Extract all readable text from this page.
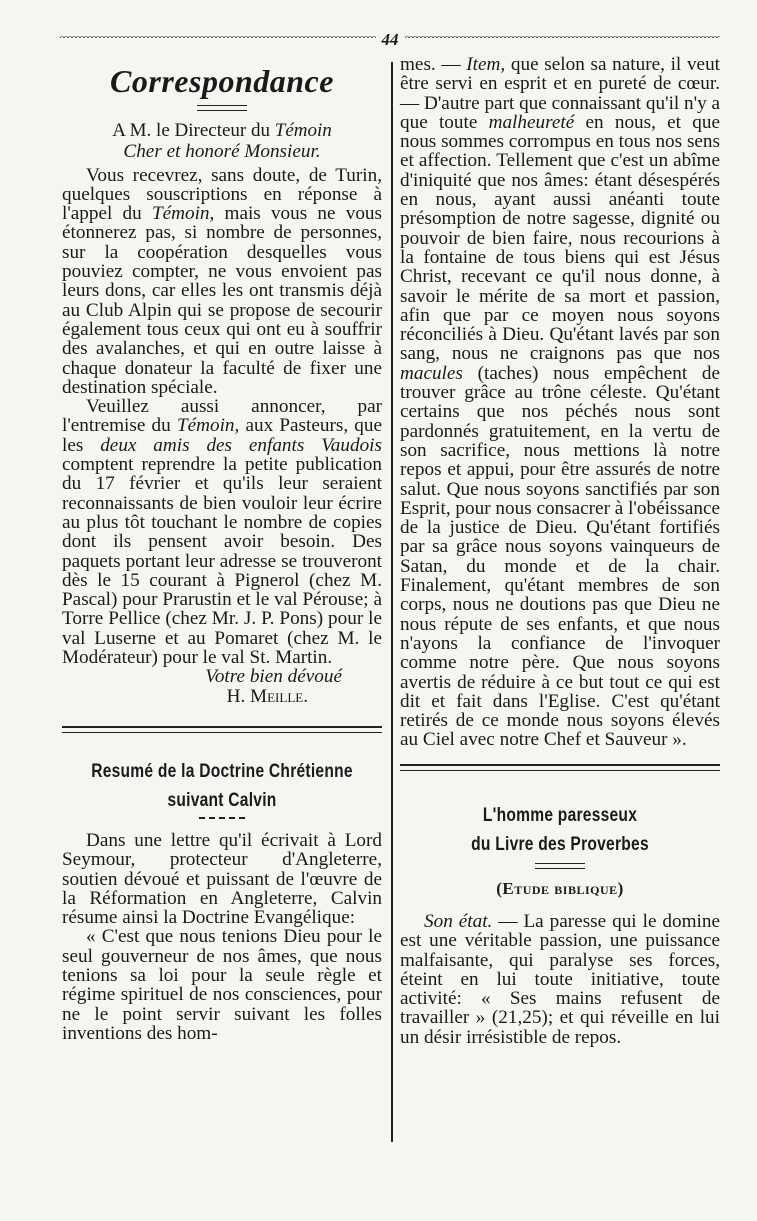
44
Correspondance

A M. le Directeur du Témoin

Cher et honoré Monsieur.

Vous recevrez, sans doute, de Turin, quelques souscriptions en réponse à l'appel du Témoin, mais vous ne vous étonnerez pas, si nombre de personnes, sur la coopération desquelles vous pouviez compter, ne vous envoient pas leurs dons, car elles les ont transmis déjà au Club Alpin qui se propose de secourir également tous ceux qui ont eu à souffrir des avalanches, et qui en outre laisse à chaque donateur la faculté de fixer une destination spéciale.

Veuillez aussi annoncer, par l'entremise du Témoin, aux Pasteurs, que les deux amis des enfants Vaudois comptent reprendre la petite publication du 17 février et qu'ils leur seraient reconnaissants de bien vouloir leur écrire au plus tôt touchant le nombre de copies dont ils pensent avoir besoin. Des paquets portant leur adresse se trouveront dès le 15 courant à Pignerol (chez M. Pascal) pour Prarustin et le val Pérouse; à Torre Pellice (chez Mr. J. P. Pons) pour le val Luserne et au Pomaret (chez M. le Modérateur) pour le val St. Martin.

Votre bien dévoué

H. Meille.

Resumé de la Doctrine Chrétienne
suivant Calvin

Dans une lettre qu'il écrivait à Lord Seymour, protecteur d'Angleterre, soutien dévoué et puissant de l'œuvre de la Réformation en Angleterre, Calvin résume ainsi la Doctrine Evangélique:

« C'est que nous tenions Dieu pour le seul gouverneur de nos âmes, que nous tenions sa loi pour la seule règle et régime spirituel de nos consciences, pour ne le point servir suivant les folles inventions des hom-

mes. — Item, que selon sa nature, il veut être servi en esprit et en pureté de cœur. — D'autre part que connaissant qu'il n'y a que toute malheureté en nous, et que nous sommes corrompus en tous nos sens et affection. Tellement que c'est un abîme d'iniquité que nos âmes: étant désespérés en nous, ayant aussi anéanti toute présomption de notre sagesse, dignité ou pouvoir de bien faire, nous recourions à la fontaine de tous biens qui est Jésus Christ, recevant ce qu'il nous donne, à savoir le mérite de sa mort et passion, afin que par ce moyen nous soyons réconciliés à Dieu. Qu'étant lavés par son sang, nous ne craignons pas que nos macules (taches) nous empêchent de trouver grâce au trône céleste. Qu'étant certains que nos péchés nous sont pardonnés gratuitement, en la vertu de son sacrifice, nous mettions là notre repos et appui, pour être assurés de notre salut. Que nous soyons sanctifiés par son Esprit, pour nous consacrer à l'obéissance de la justice de Dieu. Qu'étant fortifiés par sa grâce nous soyons vainqueurs de Satan, du monde et de la chair. Finalement, qu'étant membres de son corps, nous ne doutions pas que Dieu ne nous répute de ses enfants, et que nous n'ayons la confiance de l'invoquer comme notre père. Que nous soyons avertis de réduire à ce but tout ce qui est dit et fait dans l'Eglise. C'est qu'étant retirés de ce monde nous soyons élevés au Ciel avec notre Chef et Sauveur ».

L'homme paresseux
du Livre des Proverbes

(Etude biblique)

Son état. — La paresse qui le domine est une véritable passion, une puissance malfaisante, qui paralyse ses forces, éteint en lui toute initiative, toute activité: « Ses mains refusent de travailler » (21,25); et qui réveille en lui un désir irrésistible de repos.
